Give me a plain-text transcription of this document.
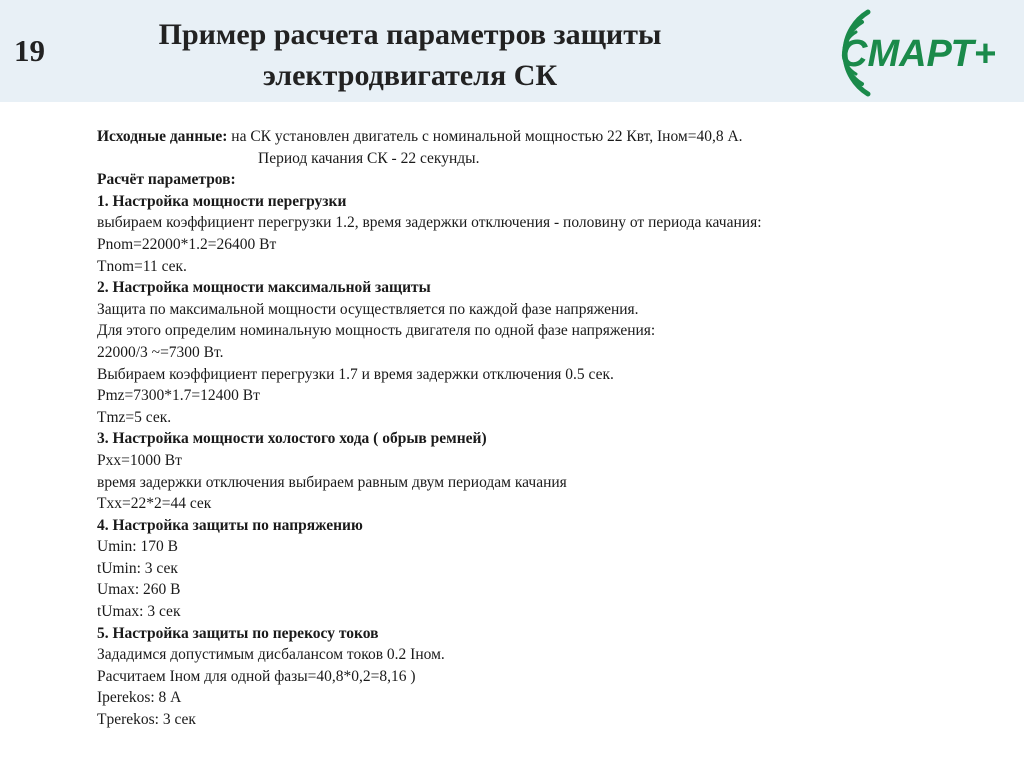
19	Пример расчета параметров защиты
электродвигателя СК
СМАРТ+
Исходные данные: на СК установлен двигатель с номинальной мощностью 22 Квт, Iном=40,8 А.
Период качания СК - 22 секунды.
Расчёт параметров:
1. Настройка мощности перегрузки
выбираем коэффициент перегрузки 1.2, время задержки отключения - половину от периода качания:
Pnom=22000*1.2=26400 Вт
Tnom=11 сек.
2. Настройка мощности максимальной защиты
Защита по максимальной мощности осуществляется по каждой фазе напряжения.
Для этого определим номинальную мощность двигателя по одной фазе напряжения:
22000/3 ~=7300 Вт.
Выбираем коэффициент перегрузки 1.7 и время задержки отключения 0.5 сек.
Pmz=7300*1.7=12400 Вт
Tmz=5 сек.
3. Настройка мощности холостого хода ( обрыв ремней)
Pxx=1000 Вт
время задержки отключения выбираем равным двум периодам качания
Txx=22*2=44 сек
4. Настройка защиты по напряжению
Umin: 170 В
tUmin: 3 сек
Umax: 260 В
tUmax: 3 сек
5. Настройка защиты по перекосу токов
Зададимся допустимым дисбалансом токов 0.2 Iном.
Расчитаем Iном для одной фазы=40,8*0,2=8,16 )
Iperekos: 8 А
Tperekos: 3 сек
